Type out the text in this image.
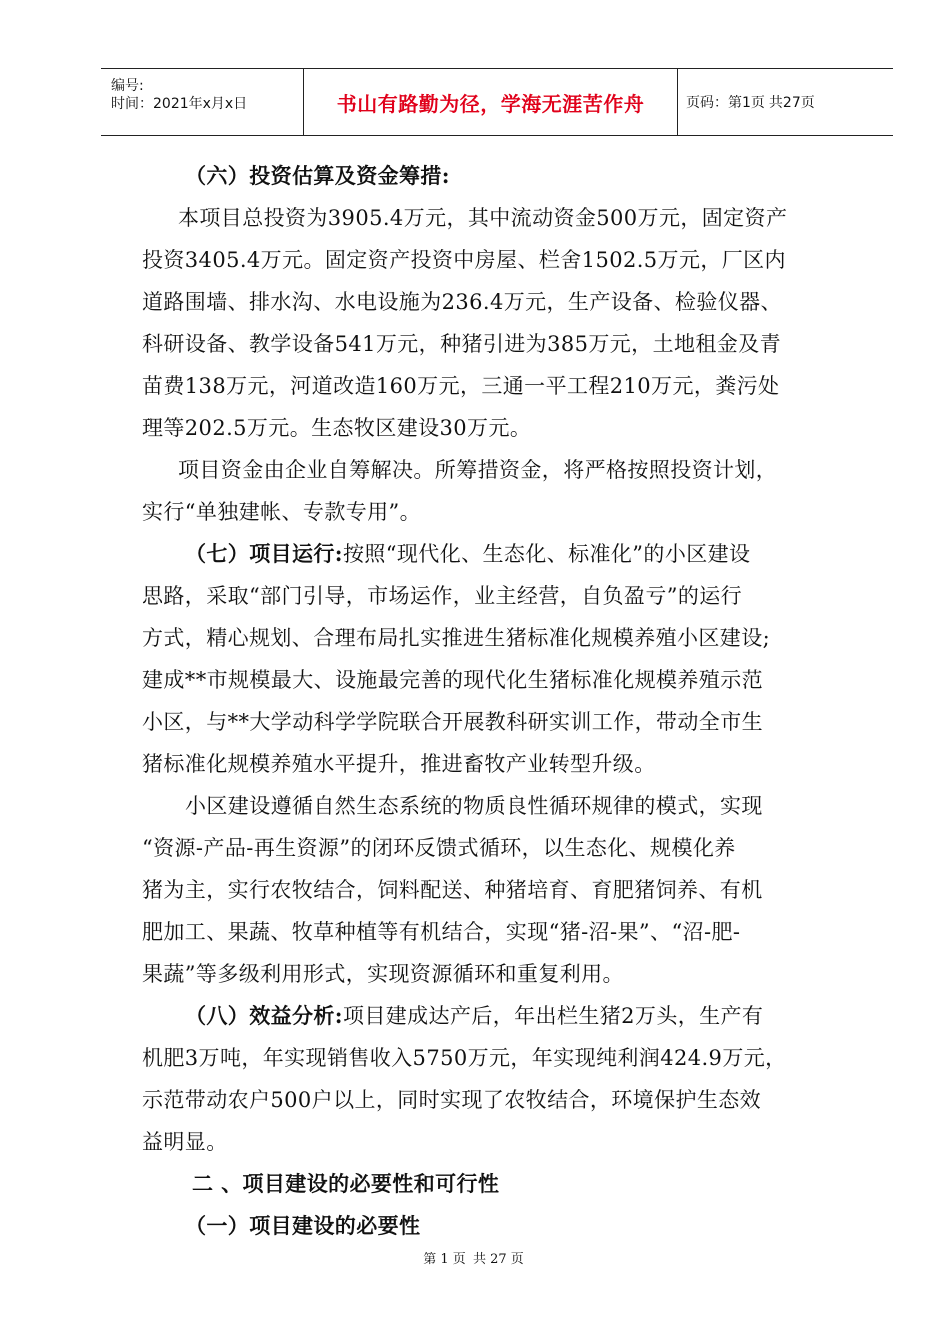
编号:
时间：2021年x月x日	书山有路勤为径，学海无涯苦作舟	页码：第1页 共27页
（六）投资估算及资金筹措:
本项目总投资为3905.4万元，其中流动资金500万元，固定资产
投资3405.4万元。固定资产投资中房屋、栏舍1502.5万元，厂区内
道路围墙、排水沟、水电设施为236.4万元，生产设备、检验仪器、
科研设备、教学设备541万元，种猪引进为385万元，土地租金及青
苗费138万元，河道改造160万元，三通一平工程210万元，粪污处
理等202.5万元。生态牧区建设30万元。
项目资金由企业自筹解决。所筹措资金，将严格按照投资计划，
实行“单独建帐、专款专用”。
（七）项目运行:按照“现代化、生态化、标准化”的小区建设
思路，采取“部门引导，市场运作，业主经营，自负盈亏”的运行
方式，精心规划、合理布局扎实推进生猪标准化规模养殖小区建设;
建成**市规模最大、设施最完善的现代化生猪标准化规模养殖示范
小区，与**大学动科学学院联合开展教科研实训工作，带动全市生
猪标准化规模养殖水平提升，推进畜牧产业转型升级。
小区建设遵循自然生态系统的物质良性循环规律的模式，实现
“资源-产品-再生资源”的闭环反馈式循环，以生态化、规模化养
猪为主，实行农牧结合，饲料配送、种猪培育、育肥猪饲养、有机
肥加工、果蔬、牧草种植等有机结合，实现“猪-沼-果”、“沼-肥-
果蔬”等多级利用形式，实现资源循环和重复利用。
（八）效益分析:项目建成达产后，年出栏生猪2万头，生产有
机肥3万吨，年实现销售收入5750万元，年实现纯利润424.9万元，
示范带动农户500户以上，同时实现了农牧结合，环境保护生态效
益明显。
二 、项目建设的必要性和可行性
（一）项目建设的必要性
第 1 页 共 27 页
